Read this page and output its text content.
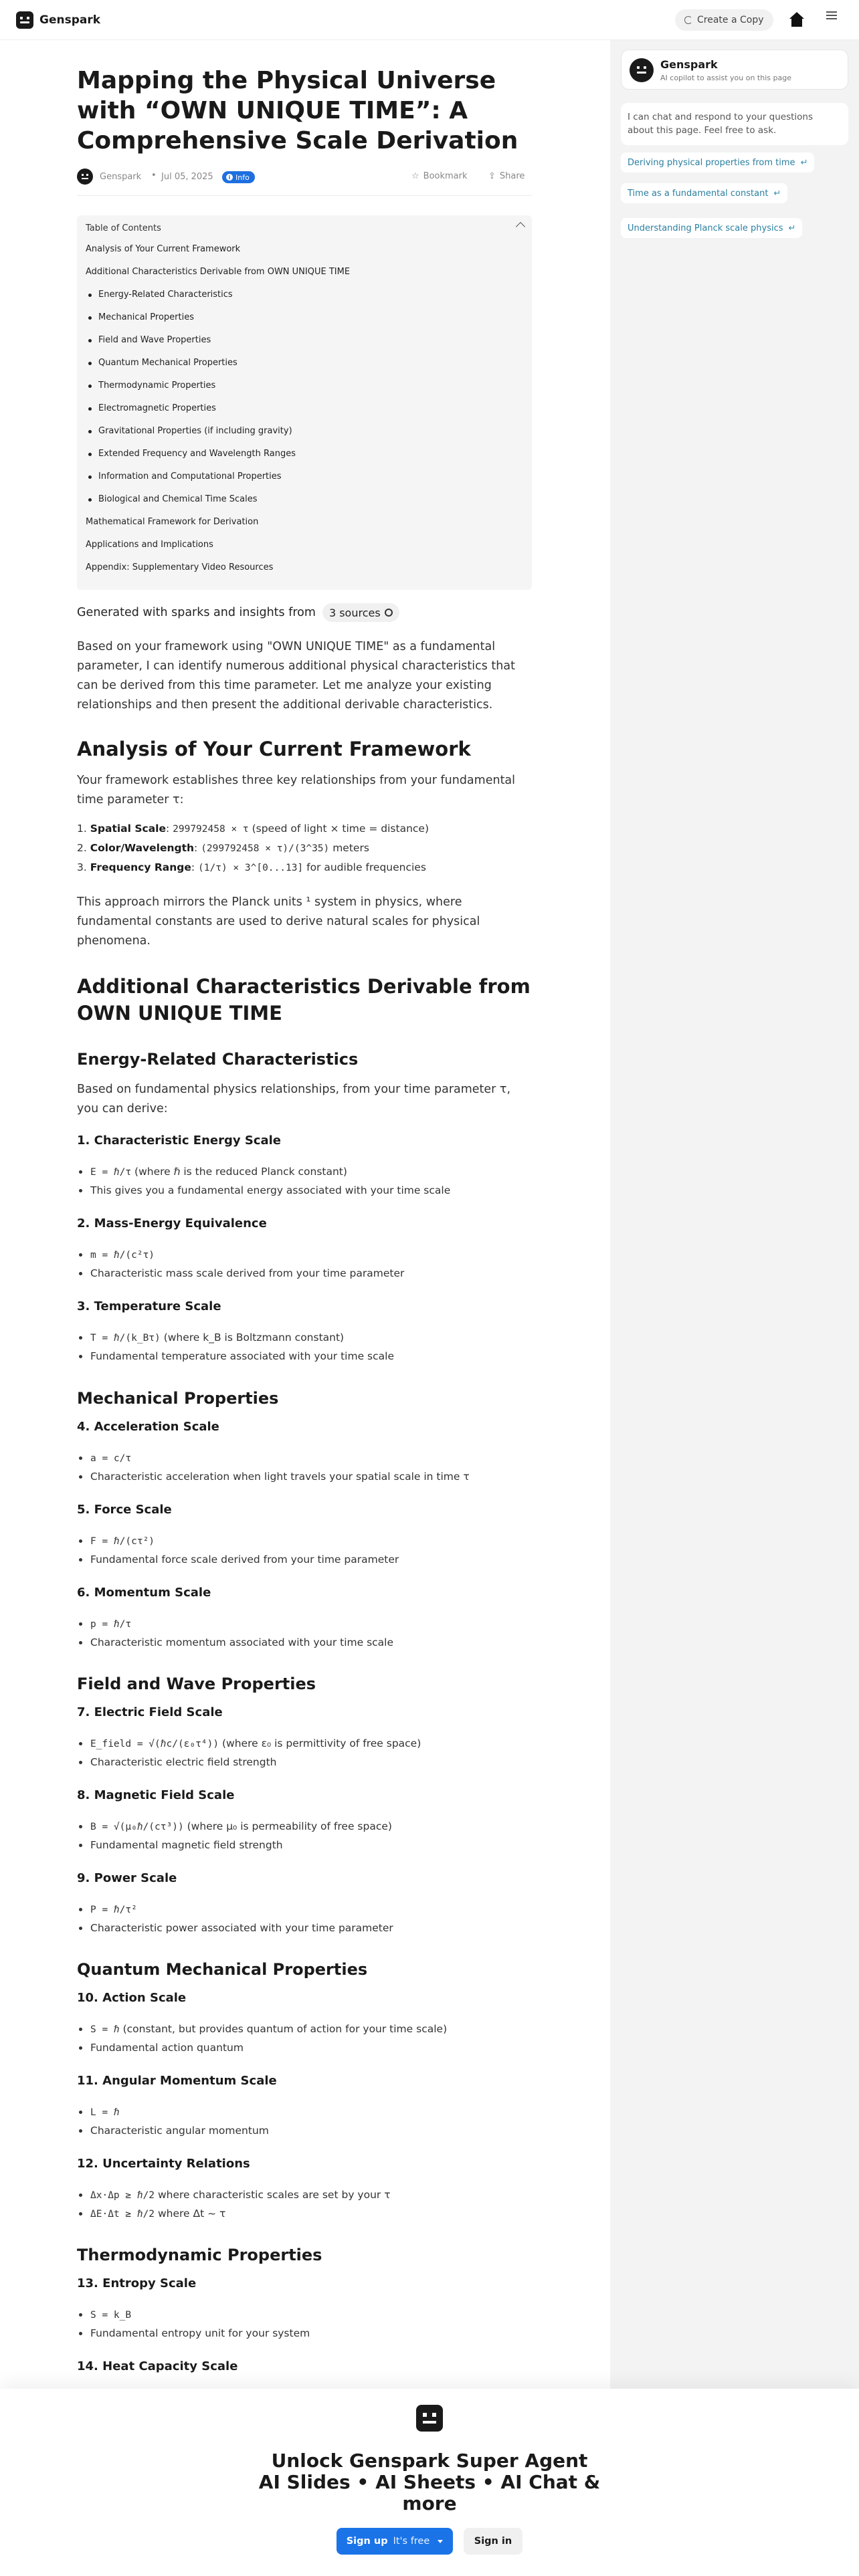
Genspark	Create a Copy
Genspark
AI copilot to assist you on this page
I can chat and respond to your questions about this page. Feel free to ask.
Deriving physical properties from time ↵
Time as a fundamental constant ↵
Understanding Planck scale physics ↵
Mapping the Physical Universe with “OWN UNIQUE TIME”: A Comprehensive Scale Derivation
Genspark • Jul 05, 2025	i Info	☆ Bookmark ⇪ Share
Table of Contents
Analysis of Your Current Framework
Additional Characteristics Derivable from OWN UNIQUE TIME
Energy-Related Characteristics
Mechanical Properties
Field and Wave Properties
Quantum Mechanical Properties
Thermodynamic Properties
Electromagnetic Properties
Gravitational Properties (if including gravity)
Extended Frequency and Wavelength Ranges
Information and Computational Properties
Biological and Chemical Time Scales
Mathematical Framework for Derivation
Applications and Implications
Appendix: Supplementary Video Resources
Generated with sparks and insights from 3 sources

Based on your framework using "OWN UNIQUE TIME" as a fundamental parameter, I can identify numerous additional physical characteristics that can be derived from this time parameter. Let me analyze your existing relationships and then present the additional derivable characteristics.

Analysis of Your Current Framework

Your framework establishes three key relationships from your fundamental time parameter τ:

1. Spatial Scale: 299792458 × τ (speed of light × time = distance)
2. Color/Wavelength: (299792458 × τ)/(3^35) meters
3. Frequency Range: (1/τ) × 3^[0...13] for audible frequencies

This approach mirrors the Planck units ¹ system in physics, where fundamental constants are used to derive natural scales for physical phenomena.

Additional Characteristics Derivable from OWN UNIQUE TIME
Energy-Related Characteristics

Based on fundamental physics relationships, from your time parameter τ, you can derive:

1. Characteristic Energy Scale
E = ℏ/τ (where ℏ is the reduced Planck constant)
This gives you a fundamental energy associated with your time scale
2. Mass-Energy Equivalence
m = ℏ/(c²τ)
Characteristic mass scale derived from your time parameter
3. Temperature Scale
T = ℏ/(k_Bτ) (where k_B is Boltzmann constant)
Fundamental temperature associated with your time scale
Mechanical Properties
4. Acceleration Scale
a = c/τ
Characteristic acceleration when light travels your spatial scale in time τ
5. Force Scale
F = ℏ/(cτ²)
Fundamental force scale derived from your time parameter
6. Momentum Scale
p = ℏ/τ
Characteristic momentum associated with your time scale
Field and Wave Properties
7. Electric Field Scale
E_field = √(ℏc/(ε₀τ⁴)) (where ε₀ is permittivity of free space)
Characteristic electric field strength
8. Magnetic Field Scale
B = √(μ₀ℏ/(cτ³)) (where μ₀ is permeability of free space)
Fundamental magnetic field strength
9. Power Scale
P = ℏ/τ²
Characteristic power associated with your time parameter
Quantum Mechanical Properties
10. Action Scale
S = ℏ (constant, but provides quantum of action for your time scale)
Fundamental action quantum
11. Angular Momentum Scale
L = ℏ
Characteristic angular momentum
12. Uncertainty Relations
Δx·Δp ≥ ℏ/2 where characteristic scales are set by your τ
ΔE·Δt ≥ ℏ/2 where Δt ~ τ
Thermodynamic Properties
13. Entropy Scale
S = k_B
Fundamental entropy unit for your system
14. Heat Capacity Scale
Unlock Genspark Super Agent
AI Slides • AI Sheets • AI Chat &
more
Sign up It's free	Sign in
